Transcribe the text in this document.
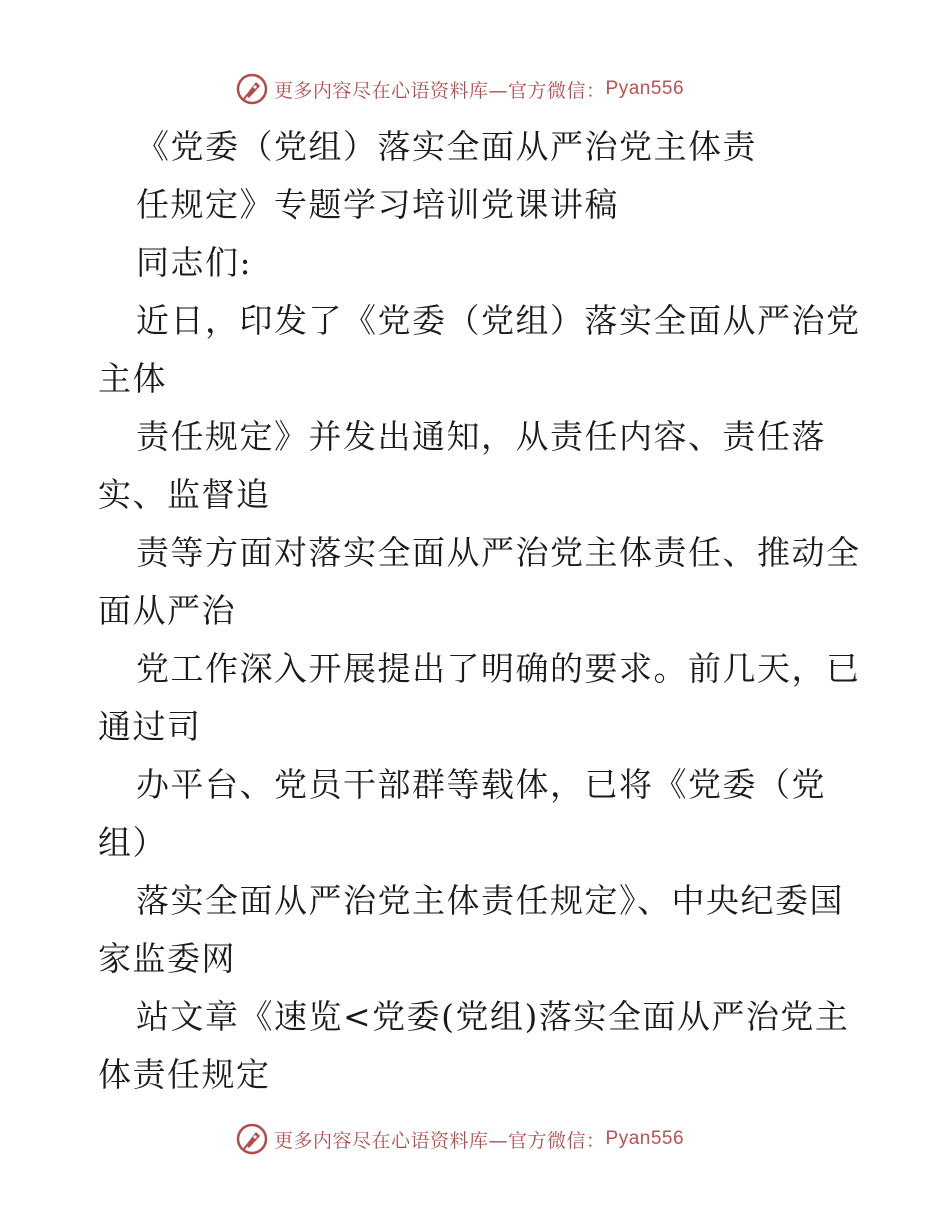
更多内容尽在心语资料库—官方微信： Pyan556
《党委（党组）落实全面从严治党主体责
任规定》专题学习培训党课讲稿
同志们:
近日，印发了《党委（党组）落实全面从严治党
主体
责任规定》并发出通知，从责任内容、责任落
实、监督追
责等方面对落实全面从严治党主体责任、推动全
面从严治
党工作深入开展提出了明确的要求。前几天，已
通过司
办平台、党员干部群等载体，已将《党委（党
组）
落实全面从严治党主体责任规定》、中央纪委国
家监委网
站文章《速览<党委(党组)落实全面从严治党主
体责任规定
更多内容尽在心语资料库—官方微信： Pyan556
